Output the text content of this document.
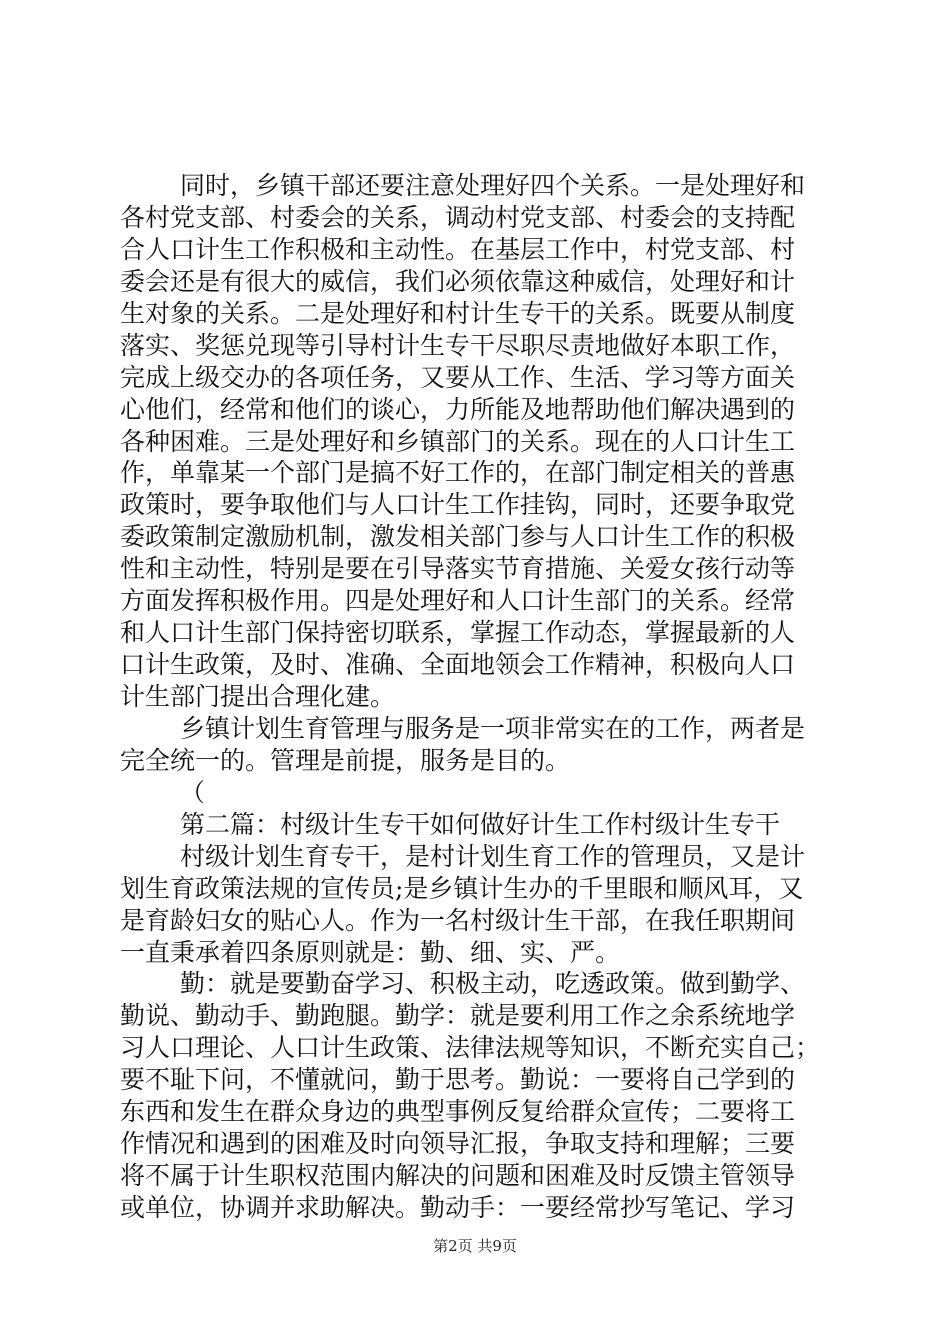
同时，乡镇干部还要注意处理好四个关系。一是处理好和
各村党支部、村委会的关系，调动村党支部、村委会的支持配
合人口计生工作积极和主动性。在基层工作中，村党支部、村
委会还是有很大的威信，我们必须依靠这种威信，处理好和计
生对象的关系。二是处理好和村计生专干的关系。既要从制度
落实、奖惩兑现等引导村计生专干尽职尽责地做好本职工作，
完成上级交办的各项任务，又要从工作、生活、学习等方面关
心他们，经常和他们的谈心，力所能及地帮助他们解决遇到的
各种困难。三是处理好和乡镇部门的关系。现在的人口计生工
作，单靠某一个部门是搞不好工作的，在部门制定相关的普惠
政策时，要争取他们与人口计生工作挂钩，同时，还要争取党
委政策制定激励机制，激发相关部门参与人口计生工作的积极
性和主动性，特别是要在引导落实节育措施、关爱女孩行动等
方面发挥积极作用。四是处理好和人口计生部门的关系。经常
和人口计生部门保持密切联系，掌握工作动态，掌握最新的人
口计生政策，及时、准确、全面地领会工作精神，积极向人口
计生部门提出合理化建。
乡镇计划生育管理与服务是一项非常实在的工作，两者是
完全统一的。管理是前提，服务是目的。
（
第二篇：村级计生专干如何做好计生工作村级计生专干
村级计划生育专干，是村计划生育工作的管理员，又是计
划生育政策法规的宣传员;是乡镇计生办的千里眼和顺风耳，又
是育龄妇女的贴心人。作为一名村级计生干部，在我任职期间
一直秉承着四条原则就是：勤、细、实、严。
勤：就是要勤奋学习、积极主动，吃透政策。做到勤学、
勤说、勤动手、勤跑腿。勤学：就是要利用工作之余系统地学
习人口理论、人口计生政策、法律法规等知识，不断充实自己；
要不耻下问，不懂就问，勤于思考。勤说：一要将自己学到的
东西和发生在群众身边的典型事例反复给群众宣传；二要将工
作情况和遇到的困难及时向领导汇报，争取支持和理解；三要
将不属于计生职权范围内解决的问题和困难及时反馈主管领导
或单位，协调并求助解决。勤动手：一要经常抄写笔记、学习
第2页 共9页
